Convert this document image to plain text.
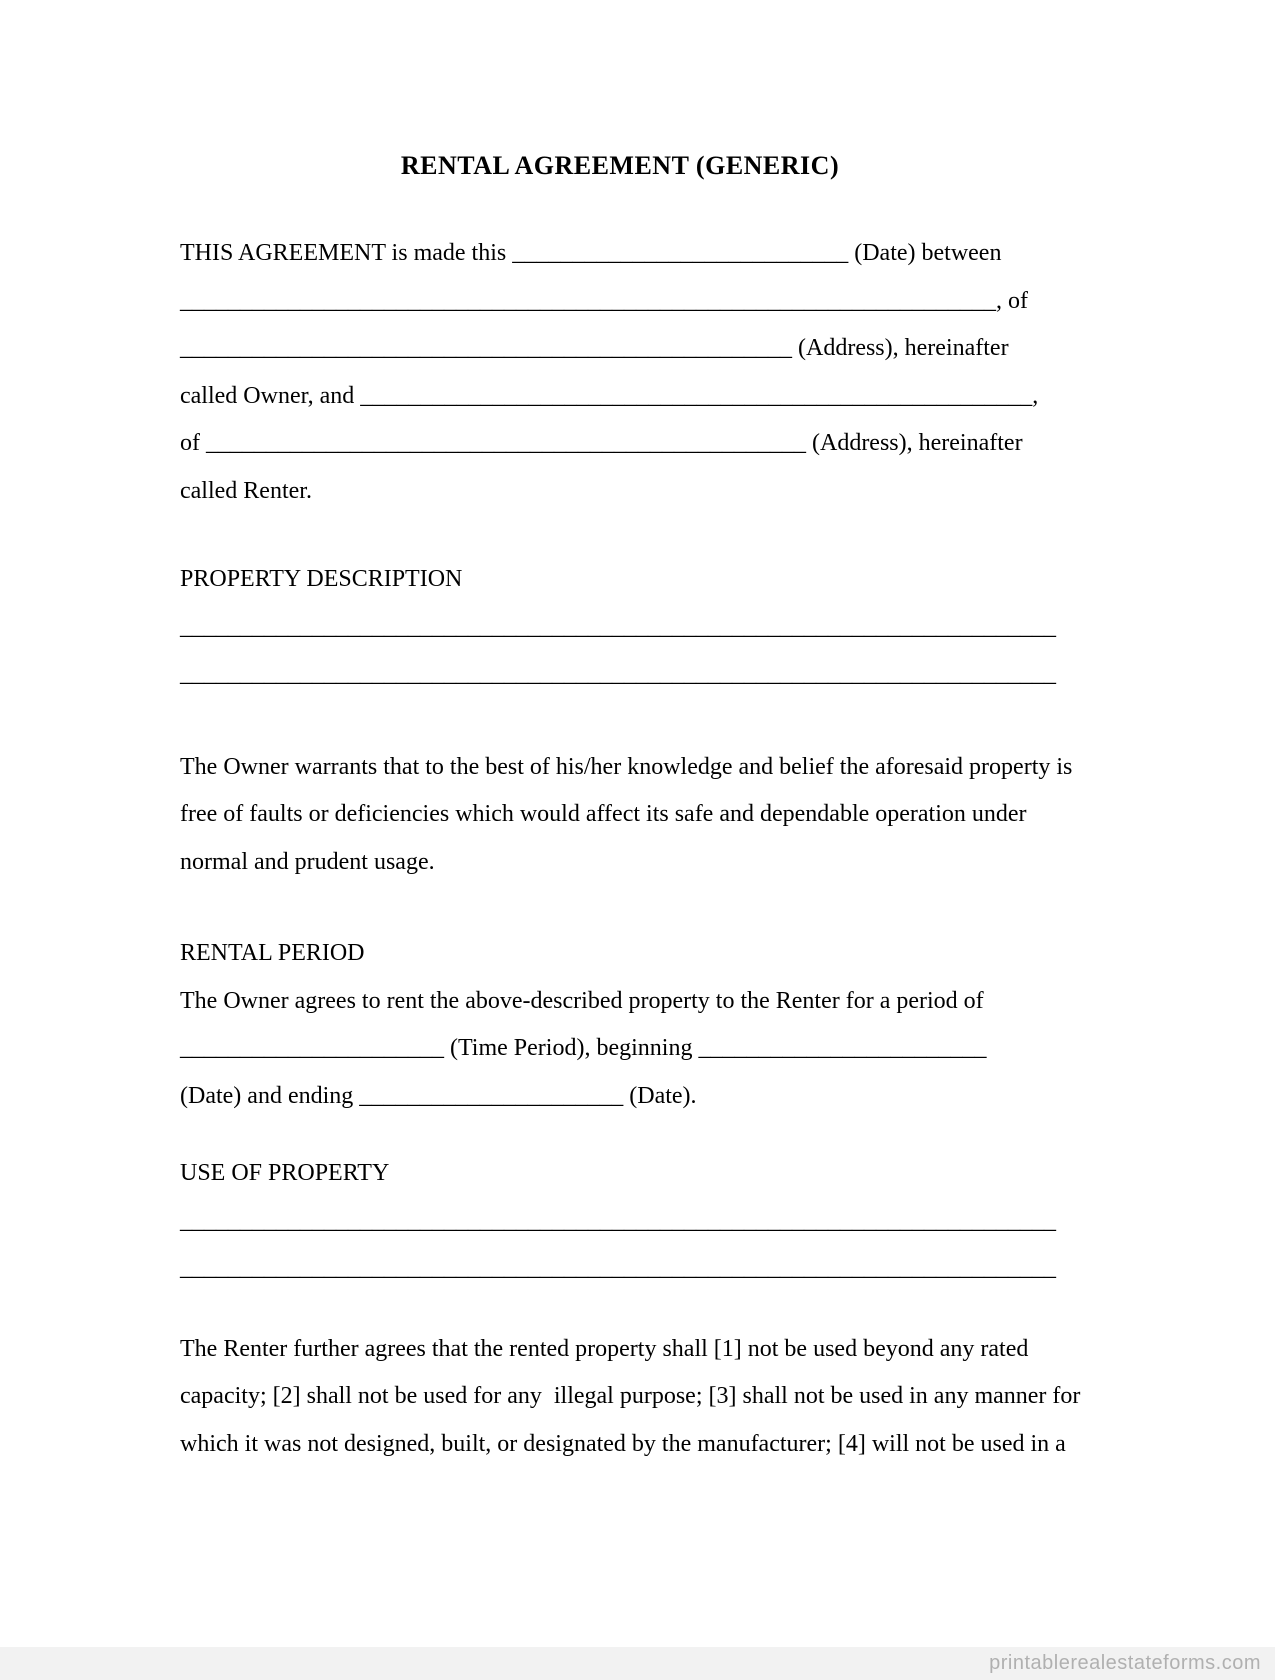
RENTAL AGREEMENT (GENERIC)
THIS AGREEMENT is made this ____________________________ (Date) between
____________________________________________________________________, of
___________________________________________________ (Address), hereinafter
called Owner, and ________________________________________________________,
of __________________________________________________ (Address), hereinafter
called Renter.
PROPERTY DESCRIPTION
_________________________________________________________________________
_________________________________________________________________________
The Owner warrants that to the best of his/her knowledge and belief the aforesaid property is
free of faults or deficiencies which would affect its safe and dependable operation under
normal and prudent usage.
RENTAL PERIOD
The Owner agrees to rent the above-described property to the Renter for a period of
______________________ (Time Period), beginning ________________________
(Date) and ending ______________________ (Date).
USE OF PROPERTY
_________________________________________________________________________
_________________________________________________________________________
The Renter further agrees that the rented property shall [1] not be used beyond any rated
capacity; [2] shall not be used for any  illegal purpose; [3] shall not be used in any manner for
which it was not designed, built, or designated by the manufacturer; [4] will not be used in a
printablerealestateforms.com
